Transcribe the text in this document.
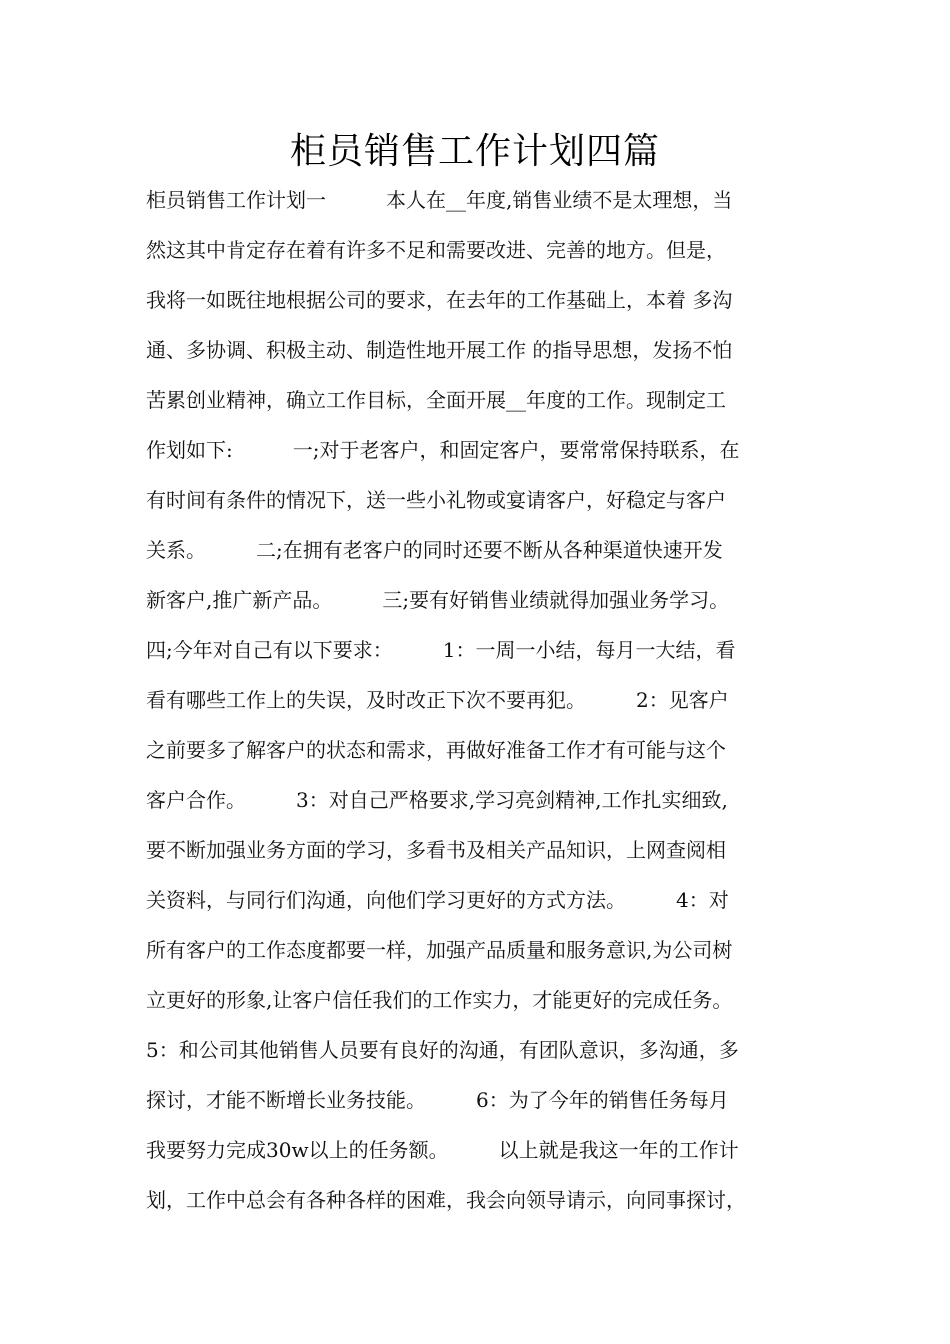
柜员销售工作计划四篇
柜员销售工作计划一　　　本人在__年度,销售业绩不是太理想，当
然这其中肯定存在着有许多不足和需要改进、完善的地方。但是，
我将一如既往地根据公司的要求，在去年的工作基础上，本着 多沟
通、多协调、积极主动、制造性地开展工作 的指导思想，发扬不怕
苦累创业精神，确立工作目标，全面开展__年度的工作。现制定工
作划如下:　　　一;对于老客户，和固定客户，要常常保持联系，在
有时间有条件的情况下，送一些小礼物或宴请客户，好稳定与客户
关系。　　　二;在拥有老客户的同时还要不断从各种渠道快速开发
新客户,推广新产品。　　　三;要有好销售业绩就得加强业务学习。
四;今年对自己有以下要求：　　　1：一周一小结，每月一大结，看
看有哪些工作上的失误，及时改正下次不要再犯。　　　2：见客户
之前要多了解客户的状态和需求，再做好准备工作才有可能与这个
客户合作。　　　3：对自己严格要求,学习亮剑精神,工作扎实细致,
要不断加强业务方面的学习，多看书及相关产品知识，上网查阅相
关资料，与同行们沟通，向他们学习更好的方式方法。　　　4：对
所有客户的工作态度都要一样，加强产品质量和服务意识,为公司树
立更好的形象,让客户信任我们的工作实力，才能更好的完成任务。
5：和公司其他销售人员要有良好的沟通，有团队意识，多沟通，多
探讨，才能不断增长业务技能。　　　6：为了今年的销售任务每月
我要努力完成30w以上的任务额。　　　以上就是我这一年的工作计
划，工作中总会有各种各样的困难，我会向领导请示，向同事探讨，
